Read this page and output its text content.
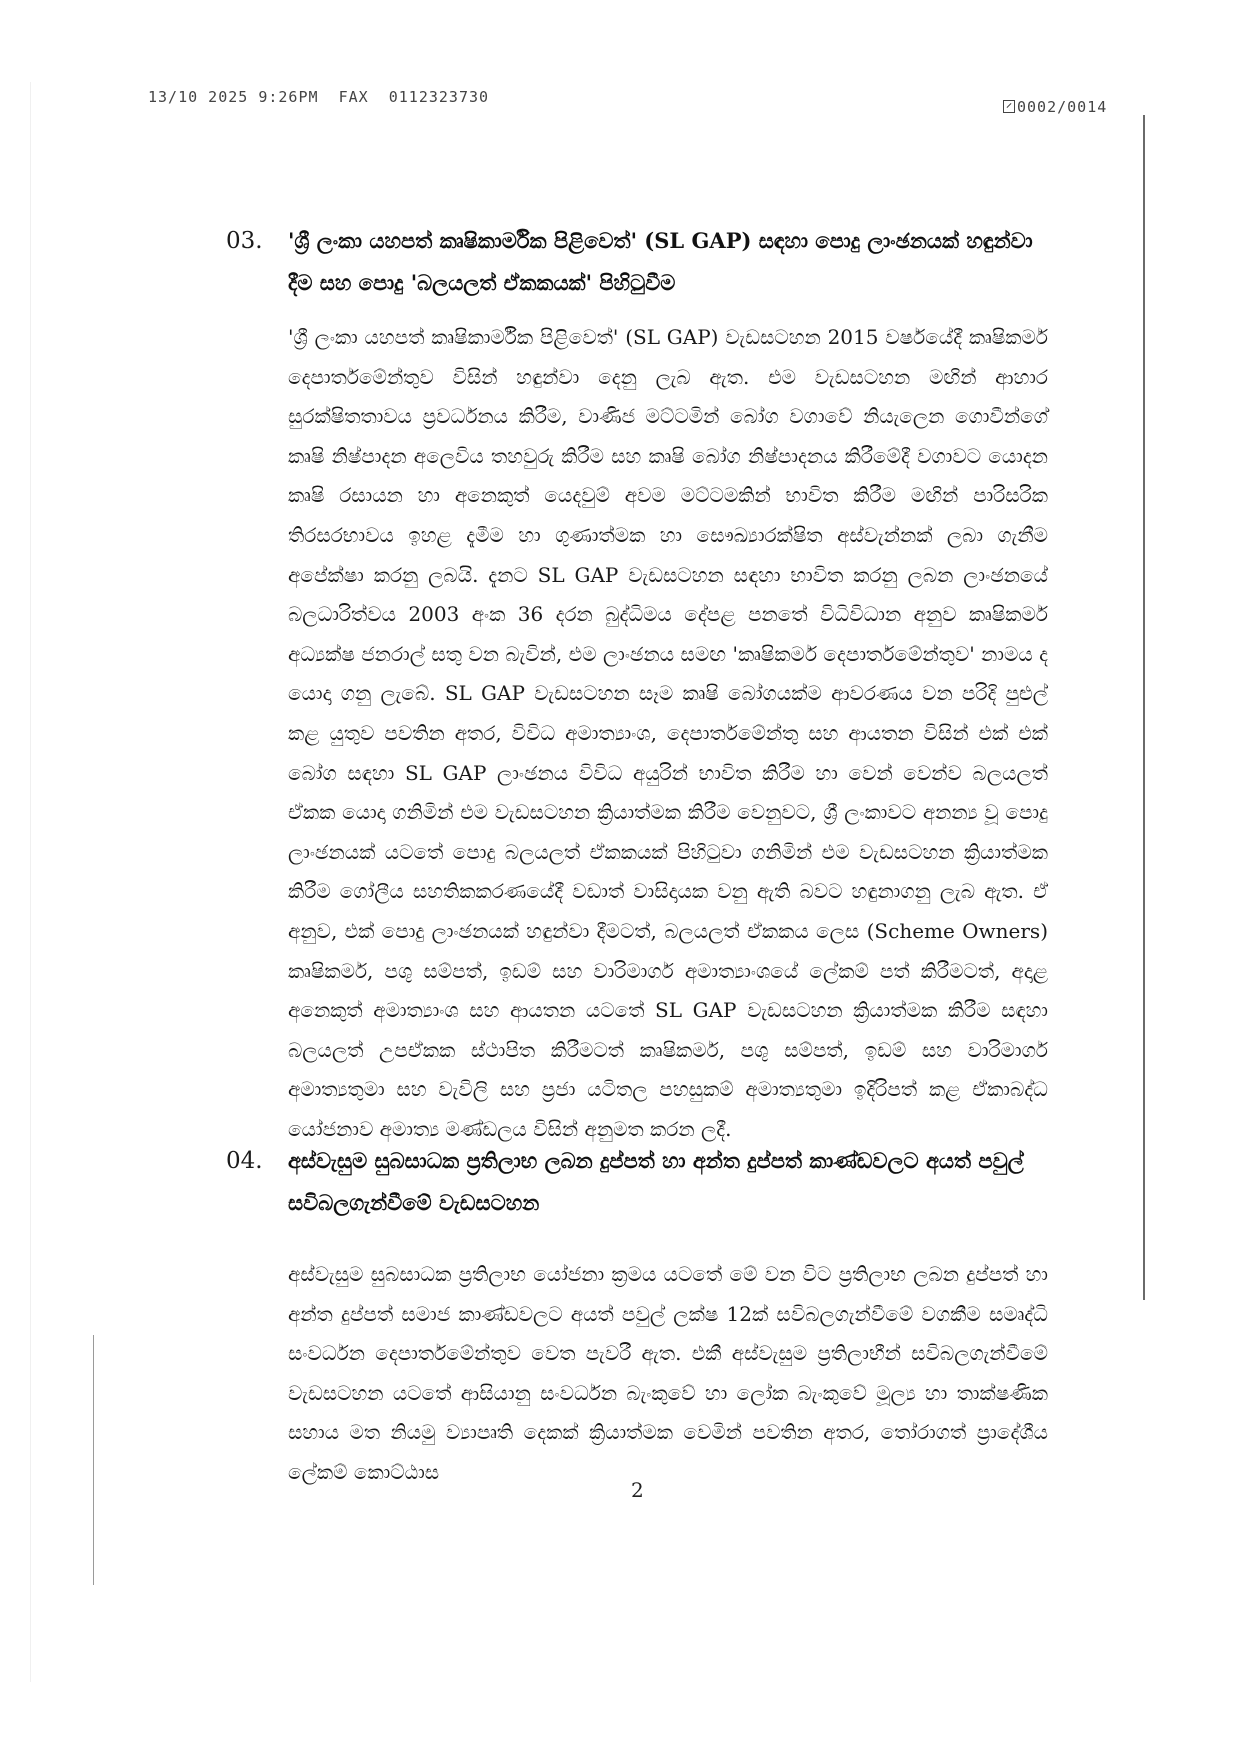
13/10 2025 9:26PM  FAX  0112323730
0002/0014
03. 'ශ්‍රී ලංකා යහපත් කෘෂිකාර්මික පිළිවෙත්' (SL GAP) සඳහා පොදු ලාංඡනයක් හඳුන්වා දීම සහ පොදු 'බලයලත් ඒකකයක්' පිහිටුවීම
'ශ්‍රී ලංකා යහපත් කෘෂිකාර්මික පිළිවෙත්' (SL GAP) වැඩසටහන 2015 වර්ෂයේදී කෘෂිකර්ම දෙපාර්තමේන්තුව විසින් හඳුන්වා දෙනු ලැබ ඇත. එම වැඩසටහන මඟින් ආහාර සුරක්ෂිතතාවය ප්‍රවර්ධනය කිරීම, වාණිජ මට්ටමින් බෝග වගාවේ නියැලෙන ගොවීන්ගේ කෘෂි නිෂ්පාදන අලෙවිය තහවුරු කිරීම සහ කෘෂි බෝග නිෂ්පාදනය කිරීමේදී වගාවට යොදන කෘෂි රසායන හා අනෙකුත් යෙදවුම් අවම මට්ටමකින් භාවිත කිරීම මඟින් පාරිසරික තිරසරභාවය ඉහළ දැමීම හා ගුණාත්මක හා සෞඛ්‍යාරක්ෂිත අස්වැන්නක් ලබා ගැනීම අපේක්ෂා කරනු ලබයි. දැනට SL GAP වැඩසටහන සඳහා භාවිත කරනු ලබන ලාංඡනයේ බලධාරිත්වය 2003 අංක 36 දරන බුද්ධිමය දේපළ පනතේ විධිවිධාන අනුව කෘෂිකර්ම අධ්‍යක්ෂ ජනරාල් සතු වන බැවින්, එම ලාංඡනය සමඟ 'කෘෂිකර්ම දෙපාර්තමේන්තුව' නාමය ද යොදා ගනු ලැබේ. SL GAP වැඩසටහන සෑම කෘෂි බෝගයක්ම ආවරණය වන පරිදි පුළුල් කළ යුතුව පවතින අතර, විවිධ අමාත්‍යාංශ, දෙපාර්තමේන්තු සහ ආයතන විසින් එක් එක් බෝග සඳහා SL GAP ලාංඡනය විවිධ අයුරින් භාවිත කිරීම හා වෙන් වෙන්ව බලයලත් ඒකක යොදා ගනිමින් එම වැඩසටහන ක්‍රියාත්මක කිරීම වෙනුවට, ශ්‍රී ලංකාවට අනන්‍ය වූ පොදු ලාංඡනයක් යටතේ පොදු බලයලත් ඒකකයක් පිහිටුවා ගනිමින් එම වැඩසටහන ක්‍රියාත්මක කිරීම ගෝලීය සහතිකකරණයේදී වඩාත් වාසිදායක වනු ඇති බවට හඳුනාගනු ලැබ ඇත. ඒ අනුව, එක් පොදු ලාංඡනයක් හඳුන්වා දීමටත්, බලයලත් ඒකකය ලෙස (Scheme Owners) කෘෂිකර්ම, පශු සම්පත්, ඉඩම් සහ වාරිමාර්ග අමාත්‍යාංශයේ ලේකම් පත් කිරීමටත්, අදාළ අනෙකුත් අමාත්‍යාංශ සහ ආයතන යටතේ SL GAP වැඩසටහන ක්‍රියාත්මක කිරීම සඳහා බලයලත් උපඒකක ස්ථාපිත කිරීමටත් කෘෂිකර්ම, පශු සම්පත්, ඉඩම් සහ වාරිමාර්ග අමාත්‍යතුමා සහ වැවිලි සහ ප්‍රජා යටිතල පහසුකම් අමාත්‍යතුමා ඉදිරිපත් කළ ඒකාබද්ධ යෝජනාව අමාත්‍ය මණ්ඩලය විසින් අනුමත කරන ලදී.
04. අස්වැසුම සුබසාධක ප්‍රතිලාභ ලබන දුප්පත් හා අන්ත දුප්පත් කාණ්ඩවලට අයත් පවුල් සවිබලගැන්වීමේ වැඩසටහන
අස්වැසුම සුබසාධක ප්‍රතිලාභ යෝජනා ක්‍රමය යටතේ මේ වන විට ප්‍රතිලාභ ලබන දුප්පත් හා අන්ත දුප්පත් සමාජ කාණ්ඩවලට අයත් පවුල් ලක්ෂ 12ක් සවිබලගැන්වීමේ වගකීම සමෘද්ධි සංවර්ධන දෙපාර්තමේන්තුව වෙත පැවරී ඇත. එකී අස්වැසුම ප්‍රතිලාභීන් සවිබලගැන්වීමේ වැඩසටහන යටතේ ආසියානු සංවර්ධන බැංකුවේ හා ලෝක බැංකුවේ මූල්‍ය හා තාක්ෂණික සහාය මත නියමු ව්‍යාපෘති දෙකක් ක්‍රියාත්මක වෙමින් පවතින අතර, තෝරාගත් ප්‍රාදේශීය ලේකම් කොට්ඨාස
2
